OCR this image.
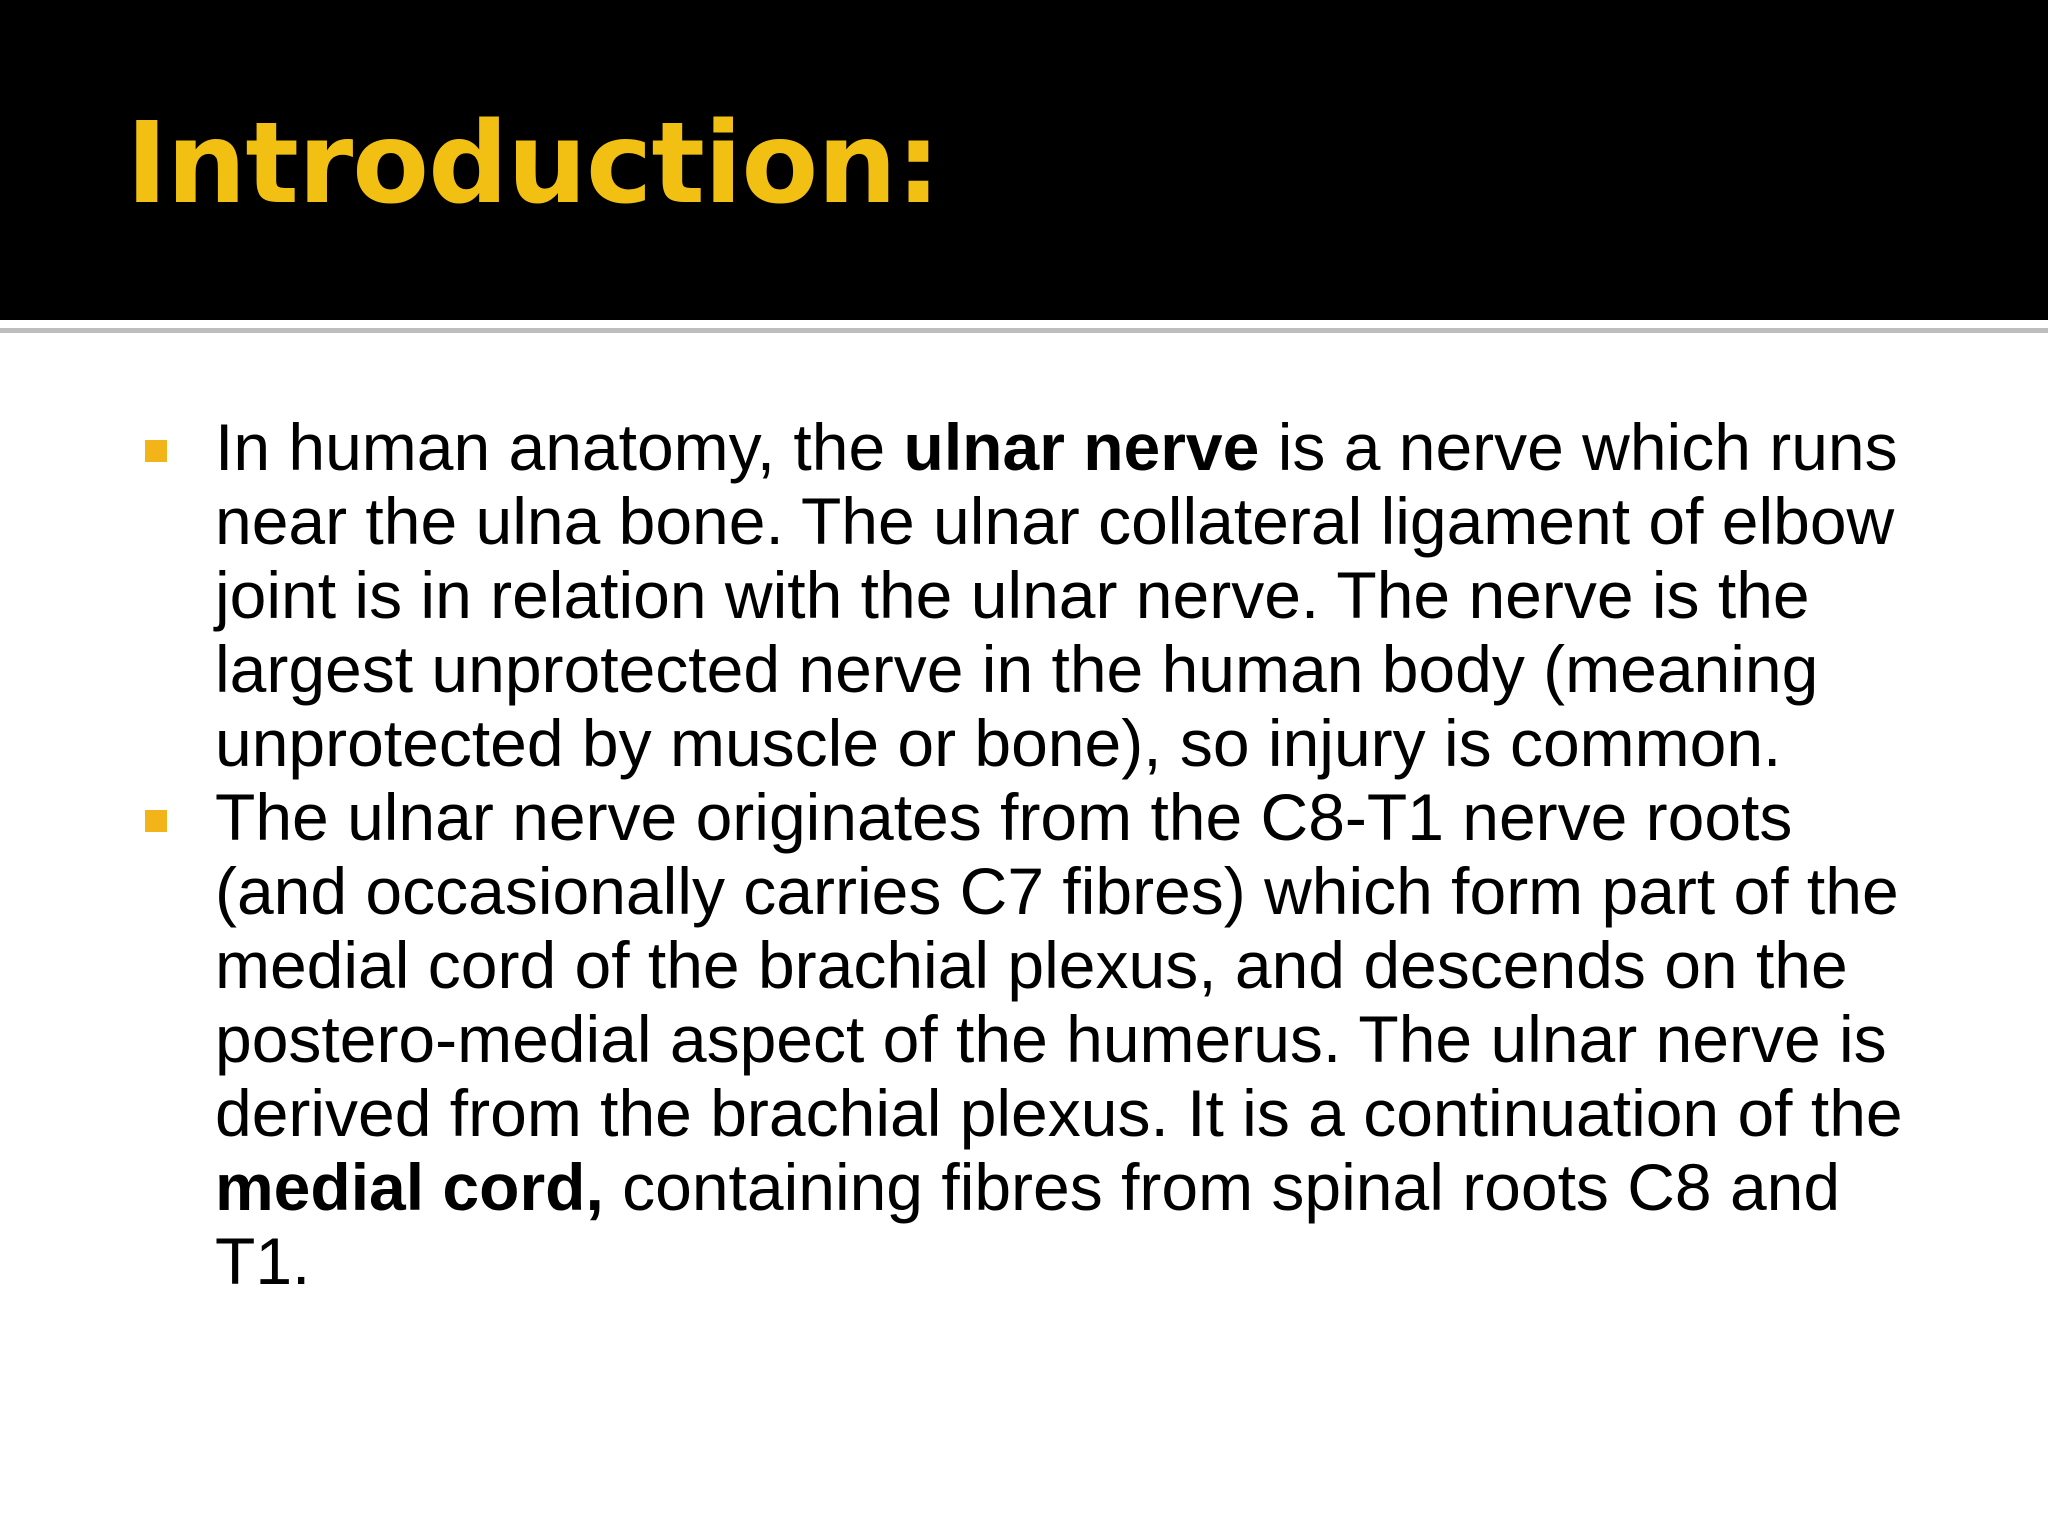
Introduction:

In human anatomy, the ulnar nerve is a nerve which runs near the ulna bone. The ulnar collateral ligament of elbow joint is in relation with the ulnar nerve. The nerve is the largest unprotected nerve in the human body (meaning unprotected by muscle or bone), so injury is common.

The ulnar nerve originates from the C8-T1 nerve roots (and occasionally carries C7 fibres) which form part of the medial cord of the brachial plexus, and descends on the postero-medial aspect of the humerus. The ulnar nerve is derived from the brachial plexus. It is a continuation of the medial cord, containing fibres from spinal roots C8 and T1.
